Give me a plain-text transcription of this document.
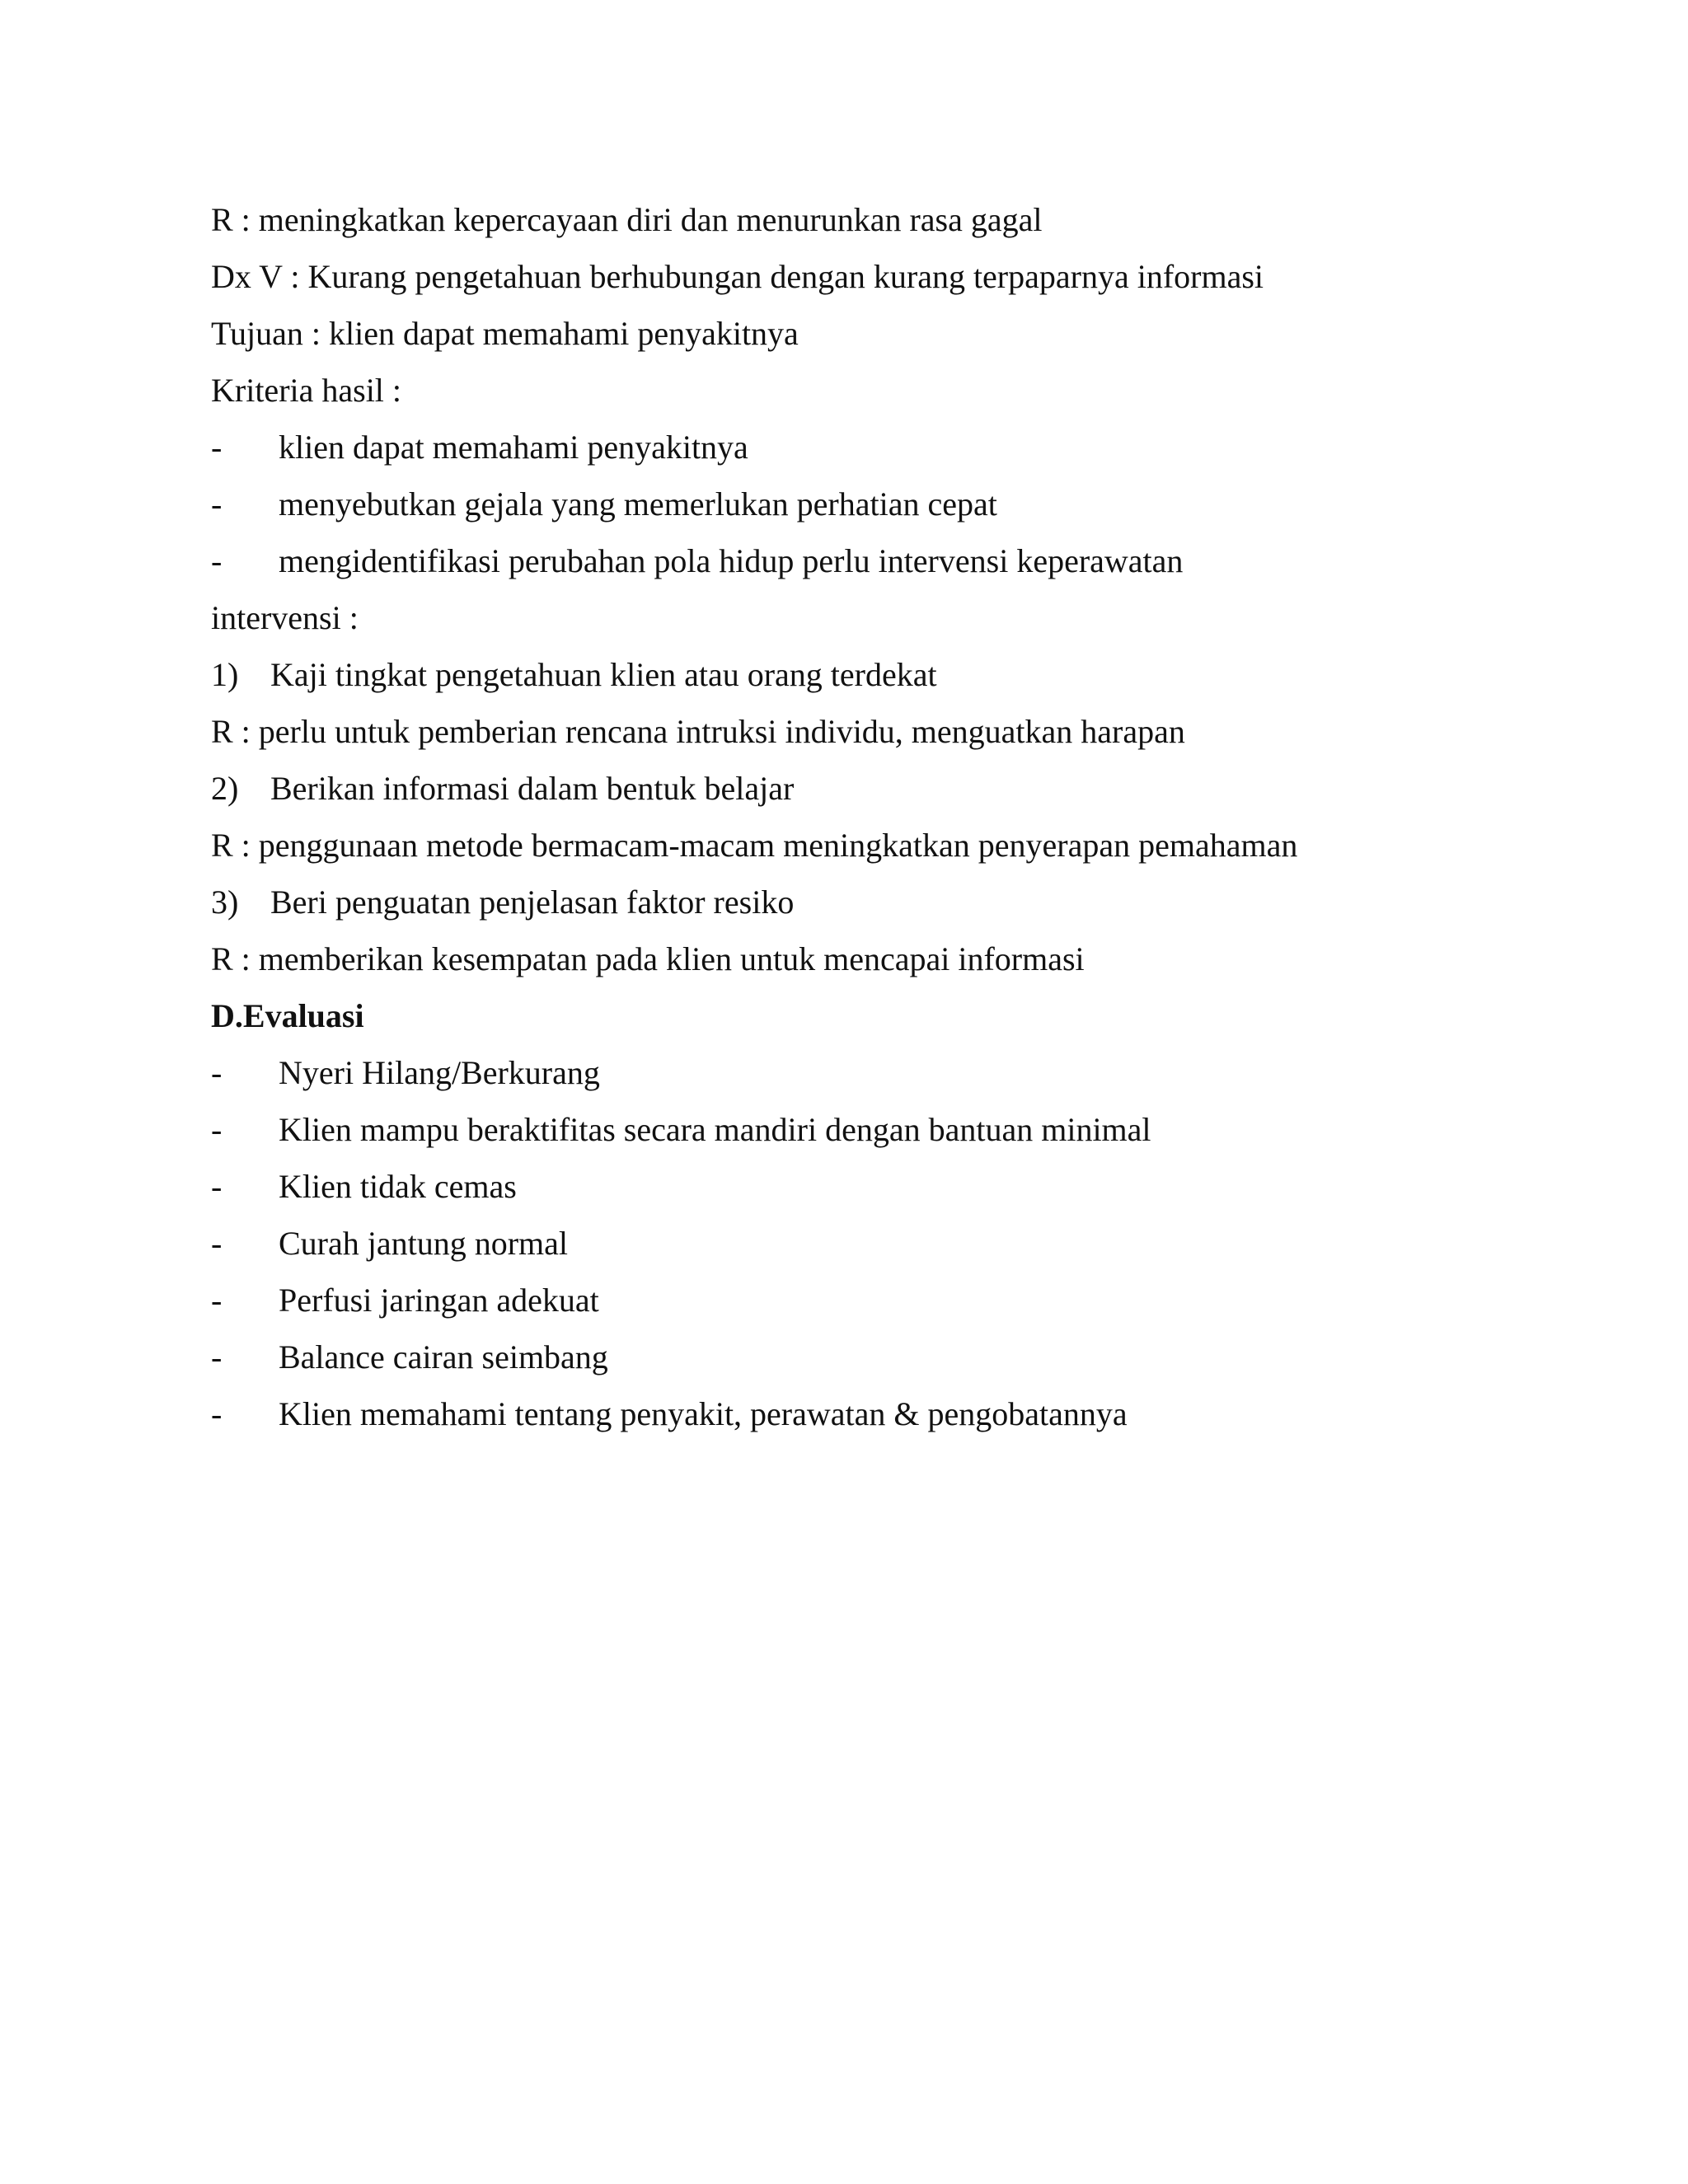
R : meningkatkan kepercayaan diri dan menurunkan rasa gagal
Dx V : Kurang pengetahuan berhubungan dengan kurang terpaparnya informasi
Tujuan : klien dapat memahami penyakitnya
Kriteria hasil :
- klien dapat memahami penyakitnya
- menyebutkan gejala yang memerlukan perhatian cepat
- mengidentifikasi perubahan pola hidup perlu intervensi keperawatan
intervensi :
1) Kaji tingkat pengetahuan klien atau orang terdekat
R : perlu untuk pemberian rencana intruksi individu, menguatkan harapan
2) Berikan informasi dalam bentuk belajar
R : penggunaan metode bermacam-macam meningkatkan penyerapan pemahaman
3) Beri penguatan penjelasan faktor resiko
R : memberikan kesempatan pada klien untuk mencapai informasi
D.Evaluasi
- Nyeri Hilang/Berkurang
- Klien mampu beraktifitas secara mandiri dengan bantuan minimal
- Klien tidak cemas
- Curah jantung normal
- Perfusi jaringan adekuat
- Balance cairan seimbang
- Klien memahami tentang penyakit, perawatan & pengobatannya
